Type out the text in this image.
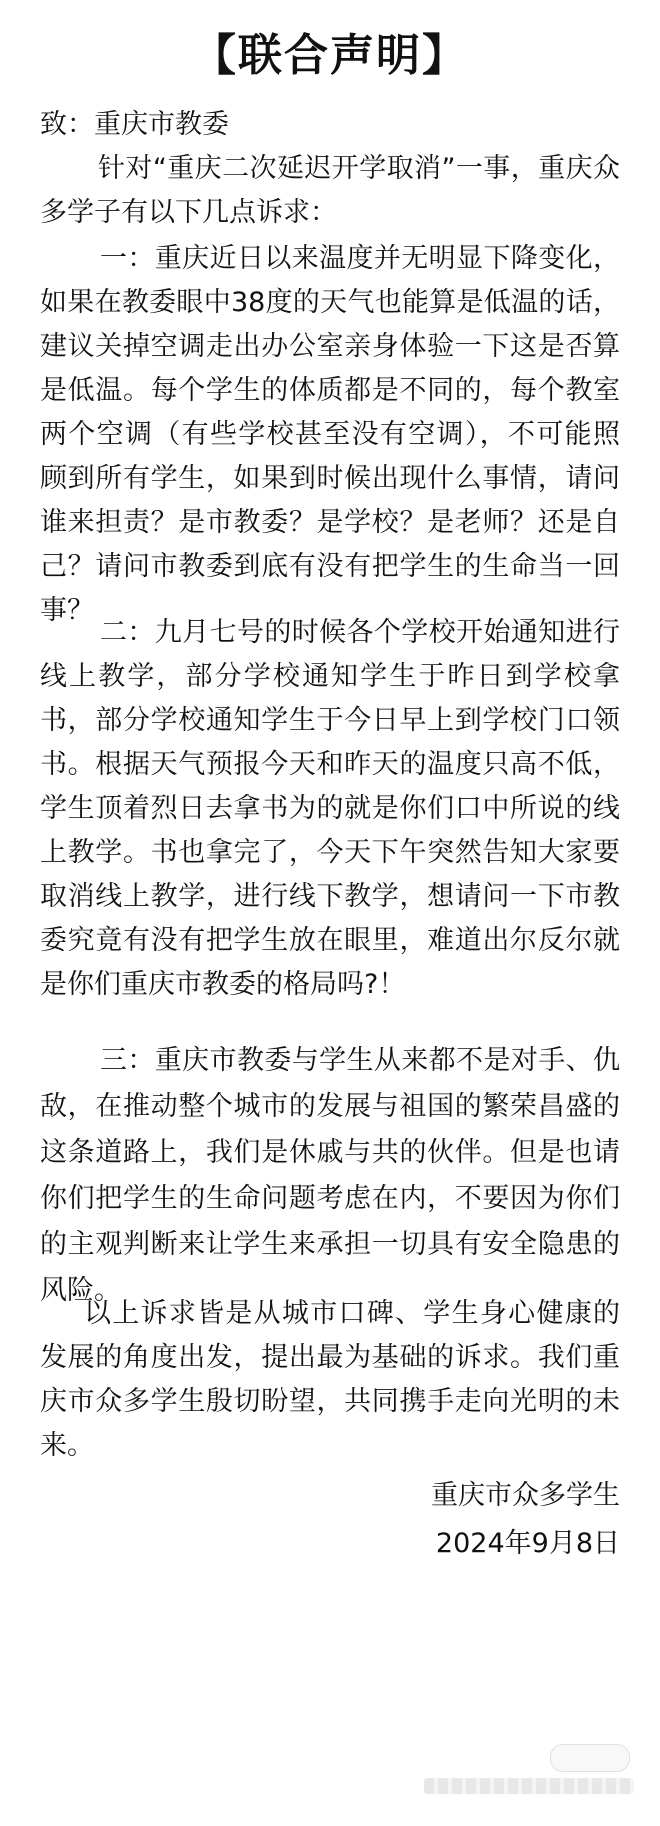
【联合声明】

致：重庆市教委

针对“重庆二次延迟开学取消”一事，重庆众多学子有以下几点诉求：

一：重庆近日以来温度并无明显下降变化，如果在教委眼中38度的天气也能算是低温的话，建议关掉空调走出办公室亲身体验一下这是否算是低温。每个学生的体质都是不同的，每个教室两个空调（有些学校甚至没有空调），不可能照顾到所有学生，如果到时候出现什么事情，请问谁来担责？是市教委？是学校？是老师？还是自己？请问市教委到底有没有把学生的生命当一回事？

二：九月七号的时候各个学校开始通知进行线上教学，部分学校通知学生于昨日到学校拿书，部分学校通知学生于今日早上到学校门口领书。根据天气预报今天和昨天的温度只高不低，学生顶着烈日去拿书为的就是你们口中所说的线上教学。书也拿完了，今天下午突然告知大家要取消线上教学，进行线下教学，想请问一下市教委究竟有没有把学生放在眼里，难道出尔反尔就是你们重庆市教委的格局吗?！

三：重庆市教委与学生从来都不是对手、仇敌，在推动整个城市的发展与祖国的繁荣昌盛的这条道路上，我们是休戚与共的伙伴。但是也请你们把学生的生命问题考虑在内，不要因为你们的主观判断来让学生来承担一切具有安全隐患的风险。

以上诉求皆是从城市口碑、学生身心健康的发展的角度出发，提出最为基础的诉求。我们重庆市众多学生殷切盼望，共同携手走向光明的未来。

重庆市众多学生
2024年9月8日
